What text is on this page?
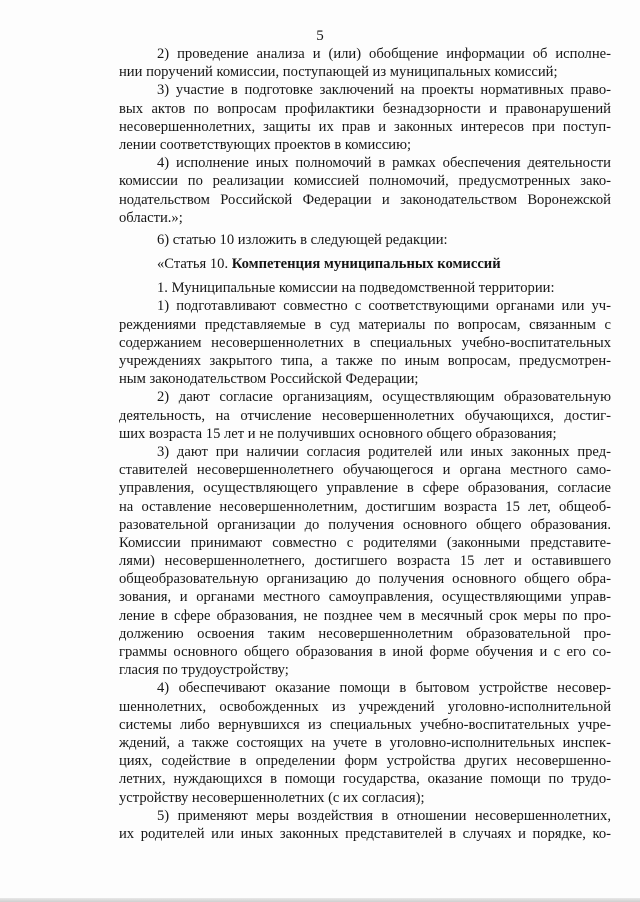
5
2) проведение анализа и (или) обобщение информации об исполне-
нии поручений комиссии, поступающей из муниципальных комиссий;
3) участие в подготовке заключений на проекты нормативных право-
вых актов по вопросам профилактики безнадзорности и правонарушений
несовершеннолетних, защиты их прав и законных интересов при поступ-
лении соответствующих проектов в комиссию;
4) исполнение иных полномочий в рамках обеспечения деятельности
комиссии по реализации комиссией полномочий, предусмотренных зако-
нодательством Российской Федерации и законодательством Воронежской
области.»;
6) статью 10 изложить в следующей редакции:
«Статья 10. Компетенция муниципальных комиссий
1. Муниципальные комиссии на подведомственной территории:
1) подготавливают совместно с соответствующими органами или уч-
реждениями представляемые в суд материалы по вопросам, связанным с
содержанием несовершеннолетних в специальных учебно-воспитательных
учреждениях закрытого типа, а также по иным вопросам, предусмотрен-
ным законодательством Российской Федерации;
2) дают согласие организациям, осуществляющим образовательную
деятельность, на отчисление несовершеннолетних обучающихся, достиг-
ших возраста 15 лет и не получивших основного общего образования;
3) дают при наличии согласия родителей или иных законных пред-
ставителей несовершеннолетнего обучающегося и органа местного само-
управления, осуществляющего управление в сфере образования, согласие
на оставление несовершеннолетним, достигшим возраста 15 лет, общеоб-
разовательной организации до получения основного общего образования.
Комиссии принимают совместно с родителями (законными представите-
лями) несовершеннолетнего, достигшего возраста 15 лет и оставившего
общеобразовательную организацию до получения основного общего обра-
зования, и органами местного самоуправления, осуществляющими управ-
ление в сфере образования, не позднее чем в месячный срок меры по про-
должению освоения таким несовершеннолетним образовательной про-
граммы основного общего образования в иной форме обучения и с его со-
гласия по трудоустройству;
4) обеспечивают оказание помощи в бытовом устройстве несовер-
шеннолетних, освобожденных из учреждений уголовно-исполнительной
системы либо вернувшихся из специальных учебно-воспитательных учре-
ждений, а также состоящих на учете в уголовно-исполнительных инспек-
циях, содействие в определении форм устройства других несовершенно-
летних, нуждающихся в помощи государства, оказание помощи по трудо-
устройству несовершеннолетних (с их согласия);
5) применяют меры воздействия в отношении несовершеннолетних,
их родителей или иных законных представителей в случаях и порядке, ко-
